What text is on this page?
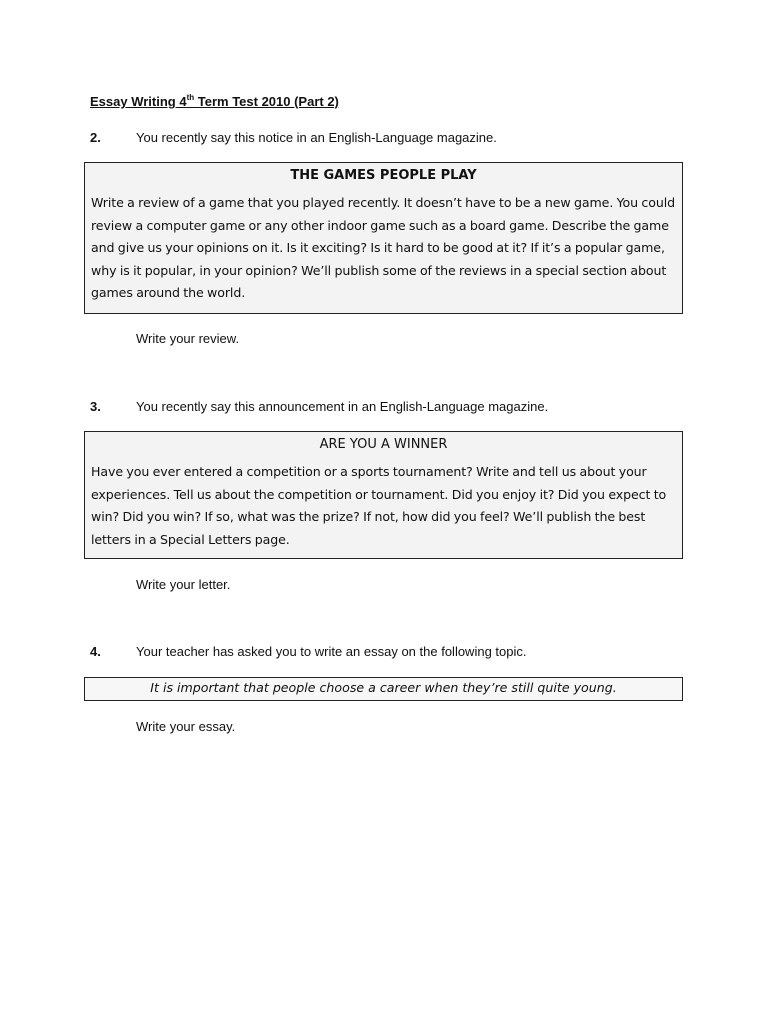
Essay Writing 4th Term Test 2010 (Part 2)
2.	You recently say this notice in an English-Language magazine.
THE GAMES PEOPLE PLAY
Write a review of a game that you played recently. It doesn’t have to be a new game. You could review a computer game or any other indoor game such as a board game. Describe the game and give us your opinions on it. Is it exciting? Is it hard to be good at it? If it’s a popular game, why is it popular, in your opinion? We’ll publish some of the reviews in a special section about games around the world.
Write your review.
3.	You recently say this announcement in an English-Language magazine.
ARE YOU A WINNER
Have you ever entered a competition or a sports tournament? Write and tell us about your experiences. Tell us about the competition or tournament. Did you enjoy it? Did you expect to win? Did you win? If so, what was the prize? If not, how did you feel? We’ll publish the best letters in a Special Letters page.
Write your letter.
4.	Your teacher has asked you to write an essay on the following topic.
It is important that people choose a career when they’re still quite young.
Write your essay.
